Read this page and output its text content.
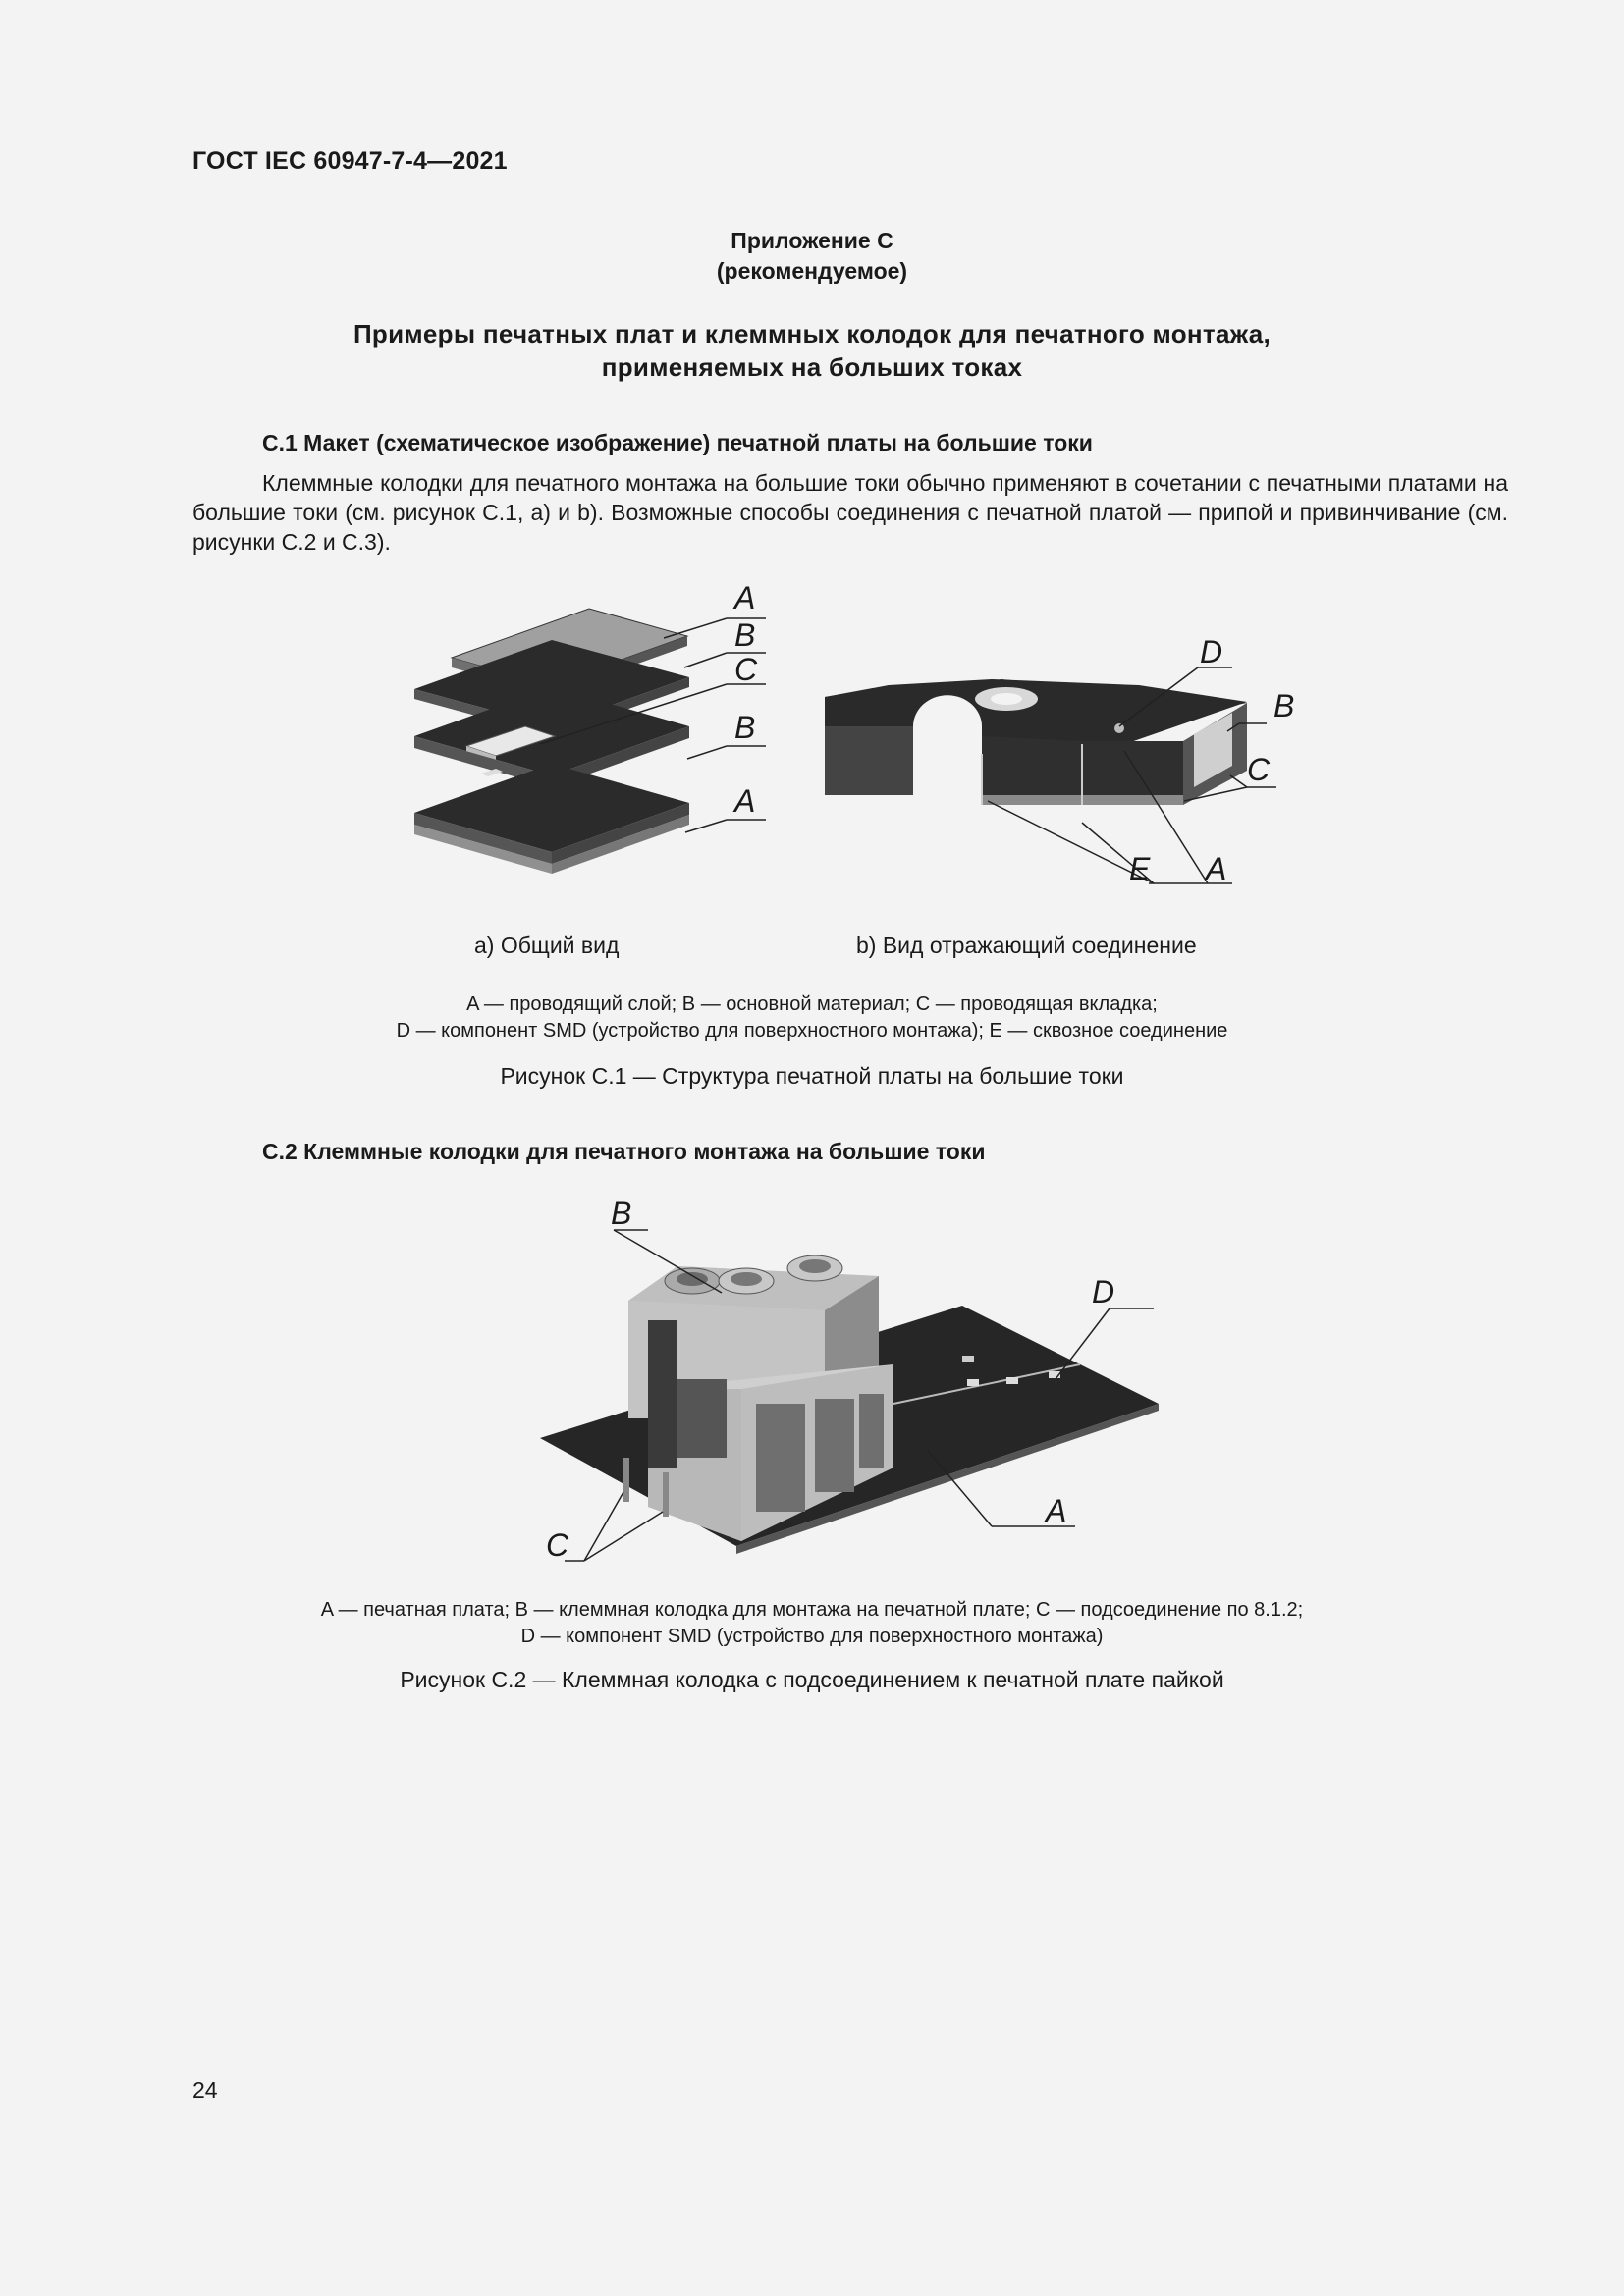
ГОСТ IEC 60947-7-4—2021
Приложение C
(рекомендуемое)
Примеры печатных плат и клеммных колодок для печатного монтажа,
применяемых на больших токах
C.1 Макет (схематическое изображение) печатной платы на большие токи
Клеммные колодки для печатного монтажа на большие токи обычно применяют в сочетании с печатными платами на большие токи (см. рисунок C.1, a) и b). Возможные способы соединения с печатной платой — припой и привинчивание (см. рисунки C.2 и C.3).
A
B
C
B
A
D
B
C
E A
a) Общий вид	b) Вид отражающий соединение
A — проводящий слой; B — основной материал; C — проводящая вкладка;
D — компонент SMD (устройство для поверхностного монтажа); E — сквозное соединение
Рисунок C.1 — Структура печатной платы на большие токи
C.2 Клеммные колодки для печатного монтажа на большие токи
B
D
A
C
A — печатная плата; B — клеммная колодка для монтажа на печатной плате; C — подсоединение по 8.1.2;
D — компонент SMD (устройство для поверхностного монтажа)
Рисунок C.2 — Клеммная колодка с подсоединением к печатной плате пайкой
24
